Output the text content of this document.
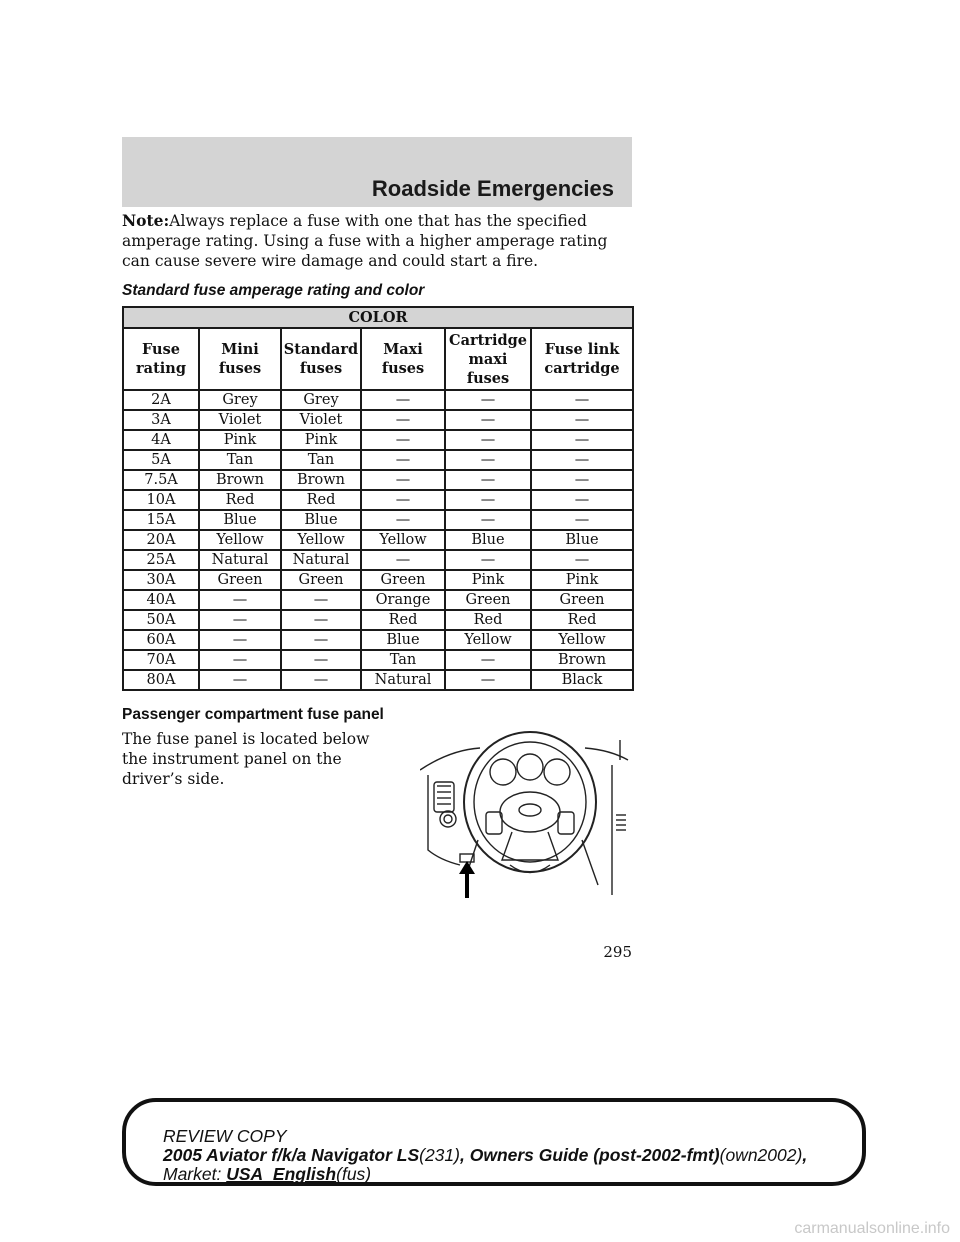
Roadside Emergencies
Note:Always replace a fuse with one that has the specified amperage rating. Using a fuse with a higher amperage rating can cause severe wire damage and could start a fire.
Standard fuse amperage rating and color
COLOR					
Fuse rating	Mini fuses	Standard fuses	Maxi fuses	Cartridge maxi fuses	Fuse link cartridge
2A	Grey	Grey	—	—	—
3A	Violet	Violet	—	—	—
4A	Pink	Pink	—	—	—
5A	Tan	Tan	—	—	—
7.5A	Brown	Brown	—	—	—
10A	Red	Red	—	—	—
15A	Blue	Blue	—	—	—
20A	Yellow	Yellow	Yellow	Blue	Blue
25A	Natural	Natural	—	—	—
30A	Green	Green	Green	Pink	Pink
40A	—	—	Orange	Green	Green
50A	—	—	Red	Red	Red
60A	—	—	Blue	Yellow	Yellow
70A	—	—	Tan	—	Brown
80A	—	—	Natural	—	Black
Passenger compartment fuse panel
The fuse panel is located below the instrument panel on the driver’s side.
295
REVIEW COPY
2005 Aviator f/k/a Navigator LS(231), Owners Guide (post-2002-fmt)(own2002),
Market: USA_English(fus)
carmanualsonline.info
